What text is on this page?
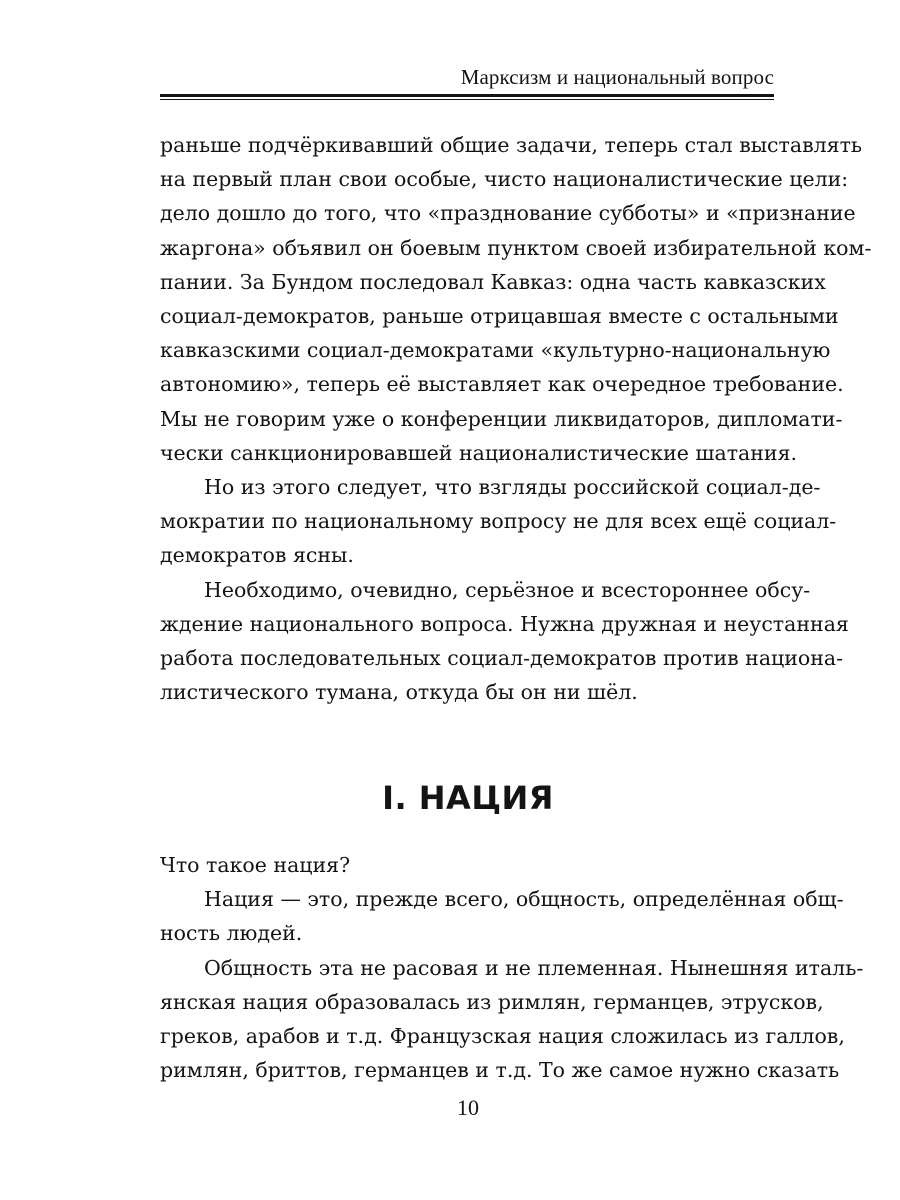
Марксизм и национальный вопрос
раньше подчёркивавший общие задачи, теперь стал выставлять
на первый план свои особые, чисто националистические цели:
дело дошло до того, что «празднование субботы» и «признание
жаргона» объявил он боевым пунктом своей избирательной ком-
пании. За Бундом последовал Кавказ: одна часть кавказских
социал-демократов, раньше отрицавшая вместе с остальными
кавказскими социал-демократами «культурно-национальную
автономию», теперь её выставляет как очередное требование.
Мы не говорим уже о конференции ликвидаторов, дипломати-
чески санкционировавшей националистические шатания.
Но из этого следует, что взгляды российской социал-де-
мократии по национальному вопросу не для всех ещё социал-
демократов ясны.
Необходимо, очевидно, серьёзное и всестороннее обсу-
ждение национального вопроса. Нужна дружная и неустанная
работа последовательных социал-демократов против национа-
листического тумана, откуда бы он ни шёл.
I. НАЦИЯ
Что такое нация?
Нация — это, прежде всего, общность, определённая общ-
ность людей.
Общность эта не расовая и не племенная. Нынешняя италь-
янская нация образовалась из римлян, германцев, этрусков,
греков, арабов и т.д. Французская нация сложилась из галлов,
римлян, бриттов, германцев и т.д. То же самое нужно сказать
10
